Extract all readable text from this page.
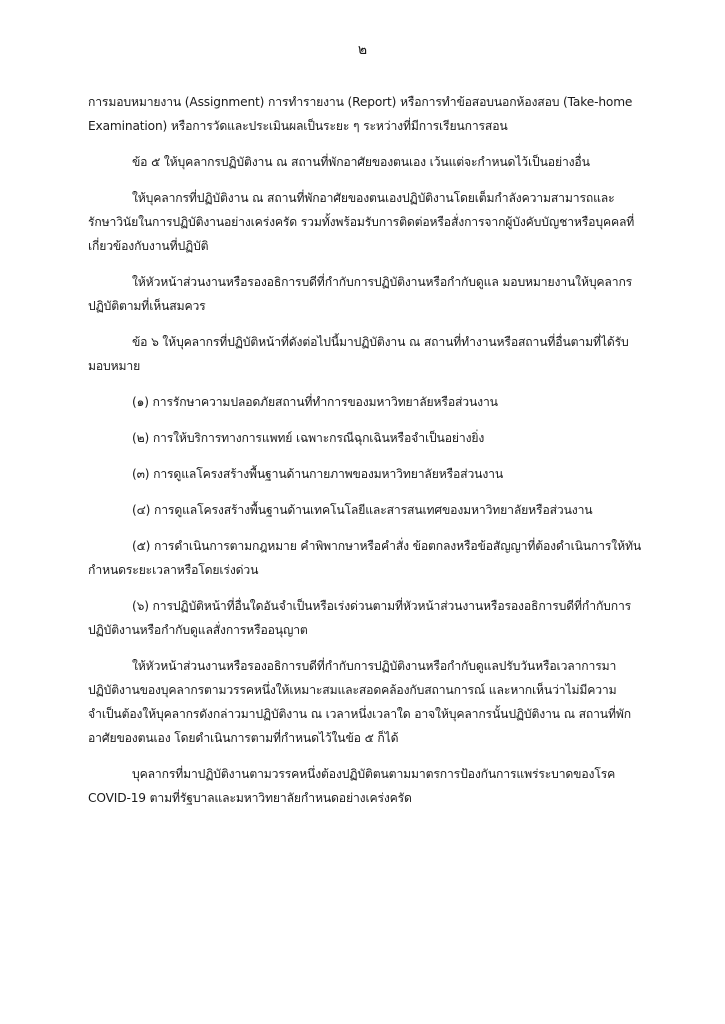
๒

การมอบหมายงาน (Assignment) การทำรายงาน (Report) หรือการทำข้อสอบนอกห้องสอบ (Take-home
Examination) หรือการวัดและประเมินผลเป็นระยะ ๆ ระหว่างที่มีการเรียนการสอน

ข้อ ๕ ให้บุคลากรปฏิบัติงาน ณ สถานที่พักอาศัยของตนเอง เว้นแต่จะกำหนดไว้เป็นอย่างอื่น

ให้บุคลากรที่ปฏิบัติงาน ณ สถานที่พักอาศัยของตนเองปฏิบัติงานโดยเต็มกำลังความสามารถและ
รักษาวินัยในการปฏิบัติงานอย่างเคร่งครัด รวมทั้งพร้อมรับการติดต่อหรือสั่งการจากผู้บังคับบัญชาหรือบุคคลที่
เกี่ยวข้องกับงานที่ปฏิบัติ

ให้หัวหน้าส่วนงานหรือรองอธิการบดีที่กำกับการปฏิบัติงานหรือกำกับดูแล มอบหมายงานให้บุคลากร
ปฏิบัติตามที่เห็นสมควร

ข้อ ๖ ให้บุคลากรที่ปฏิบัติหน้าที่ดังต่อไปนี้มาปฏิบัติงาน ณ สถานที่ทำงานหรือสถานที่อื่นตามที่ได้รับ
มอบหมาย

(๑) การรักษาความปลอดภัยสถานที่ทำการของมหาวิทยาลัยหรือส่วนงาน

(๒) การให้บริการทางการแพทย์ เฉพาะกรณีฉุกเฉินหรือจำเป็นอย่างยิ่ง

(๓) การดูแลโครงสร้างพื้นฐานด้านกายภาพของมหาวิทยาลัยหรือส่วนงาน

(๔) การดูแลโครงสร้างพื้นฐานด้านเทคโนโลยีและสารสนเทศของมหาวิทยาลัยหรือส่วนงาน

(๕) การดำเนินการตามกฎหมาย คำพิพากษาหรือคำสั่ง ข้อตกลงหรือข้อสัญญาที่ต้องดำเนินการให้ทัน
กำหนดระยะเวลาหรือโดยเร่งด่วน

(๖) การปฏิบัติหน้าที่อื่นใดอันจำเป็นหรือเร่งด่วนตามที่หัวหน้าส่วนงานหรือรองอธิการบดีที่กำกับการ
ปฏิบัติงานหรือกำกับดูแลสั่งการหรืออนุญาต

ให้หัวหน้าส่วนงานหรือรองอธิการบดีที่กำกับการปฏิบัติงานหรือกำกับดูแลปรับวันหรือเวลาการมา
ปฏิบัติงานของบุคลากรตามวรรคหนึ่งให้เหมาะสมและสอดคล้องกับสถานการณ์ และหากเห็นว่าไม่มีความ
จำเป็นต้องให้บุคลากรดังกล่าวมาปฏิบัติงาน ณ เวลาหนึ่งเวลาใด อาจให้บุคลากรนั้นปฏิบัติงาน ณ สถานที่พัก
อาศัยของตนเอง โดยดำเนินการตามที่กำหนดไว้ในข้อ ๕ ก็ได้

บุคลากรที่มาปฏิบัติงานตามวรรคหนึ่งต้องปฏิบัติตนตามมาตรการป้องกันการแพร่ระบาดของโรค
COVID-19 ตามที่รัฐบาลและมหาวิทยาลัยกำหนดอย่างเคร่งครัด
